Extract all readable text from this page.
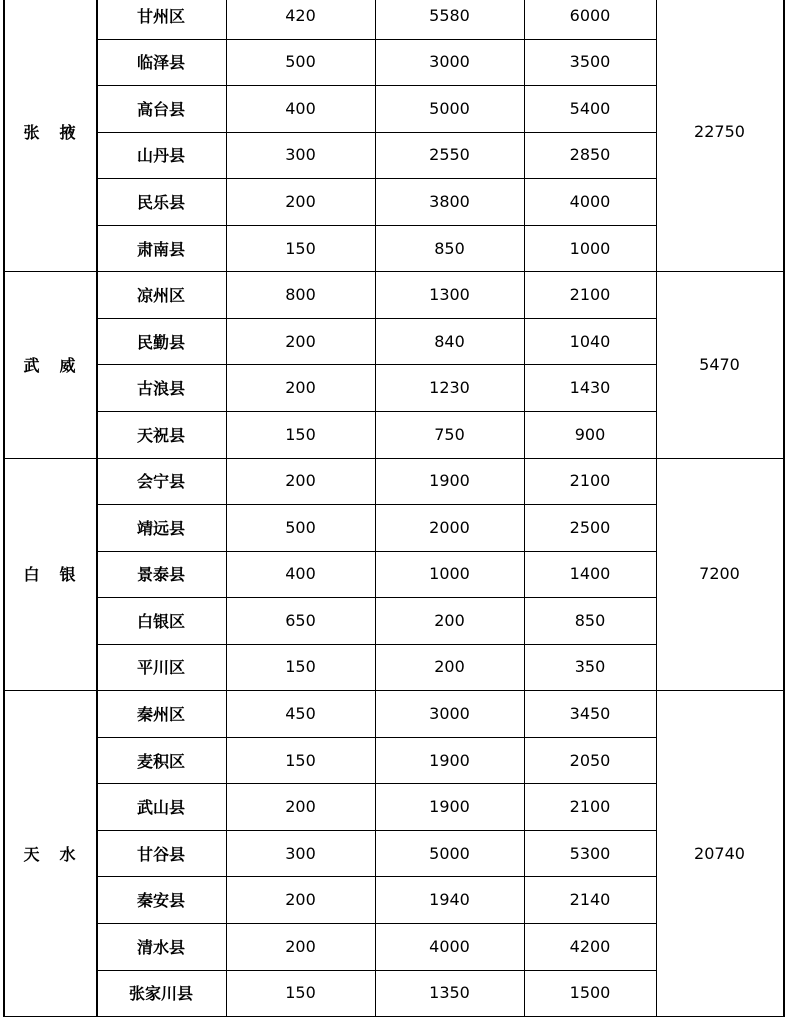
甘州区	420	5580	6000
临泽县	500	3000	3500
高台县	400	5000	5400
山丹县	300	2550	2850
民乐县	200	3800	4000
肃南县	150	850	1000
张 掖	22750
凉州区	800	1300	2100
民勤县	200	840	1040
古浪县	200	1230	1430
天祝县	150	750	900
武 威	5470
会宁县	200	1900	2100
靖远县	500	2000	2500
景泰县	400	1000	1400
白银区	650	200	850
平川区	150	200	350
白 银	7200
秦州区	450	3000	3450
麦积区	150	1900	2050
武山县	200	1900	2100
甘谷县	300	5000	5300
秦安县	200	1940	2140
清水县	200	4000	4200
张家川县	150	1350	1500
天 水	20740
